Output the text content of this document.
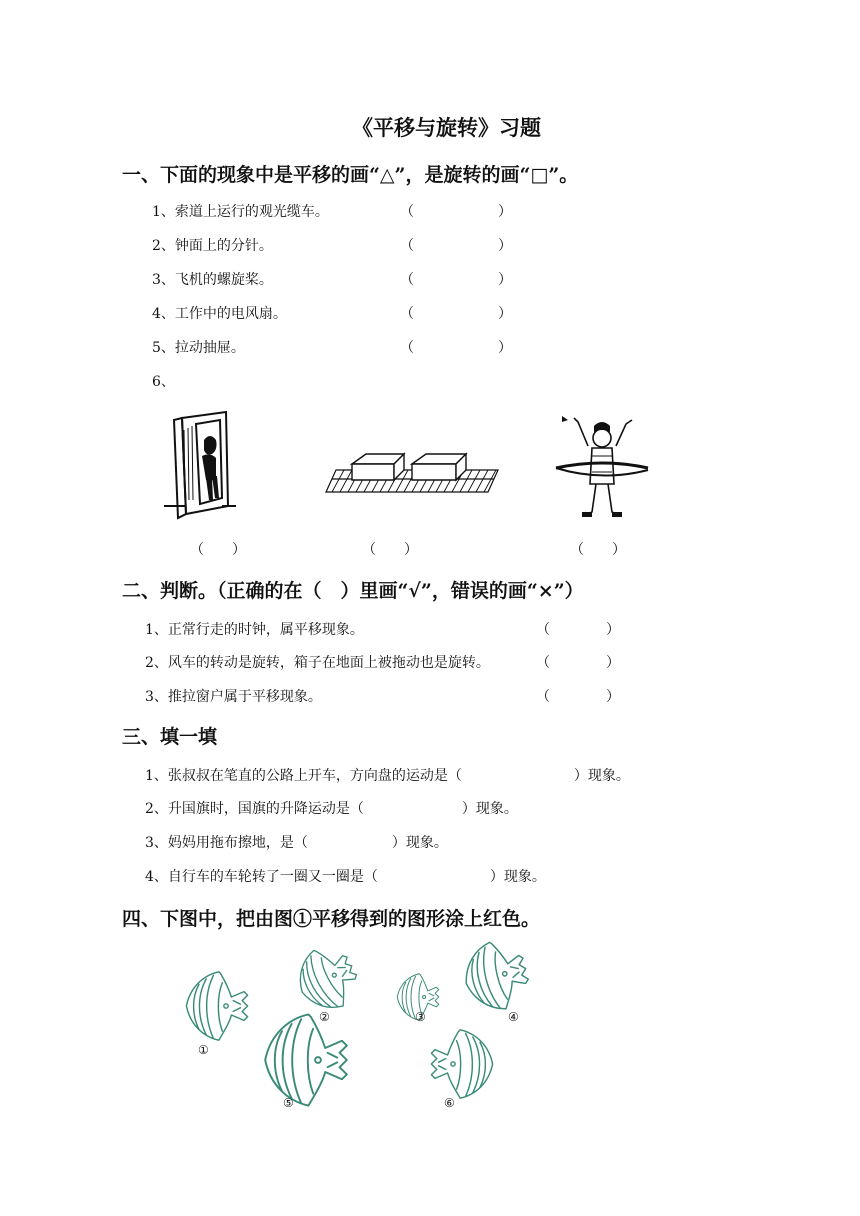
《平移与旋转》习题
一、下面的现象中是平移的画“△”，是旋转的画“□”。
1、索道上运行的观光缆车。	（　　　　　　）
2、钟面上的分针。	（　　　　　　）
3、飞机的螺旋桨。	（　　　　　　）
4、工作中的电风扇。	（　　　　　　）
5、拉动抽屉。	（　　　　　　）
6、
（　　）	（　　）	（　　）
二、判断。（正确的在（　）里画“√”，错误的画“×”）
1、正常行走的时钟，属平移现象。	（　　　　）
2、风车的转动是旋转，箱子在地面上被拖动也是旋转。	（　　　　）
3、推拉窗户属于平移现象。	（　　　　）
三、填一填
1、张叔叔在笔直的公路上开车，方向盘的运动是（　　　　　　　　）现象。
2、升国旗时，国旗的升降运动是（　　　　　　　）现象。
3、妈妈用拖布擦地，是（　　　　　　）现象。
4、自行车的车轮转了一圈又一圈是（　　　　　　　　）现象。
四、下图中，把由图①平移得到的图形涂上红色。
①
②	③	④
⑤	⑥
